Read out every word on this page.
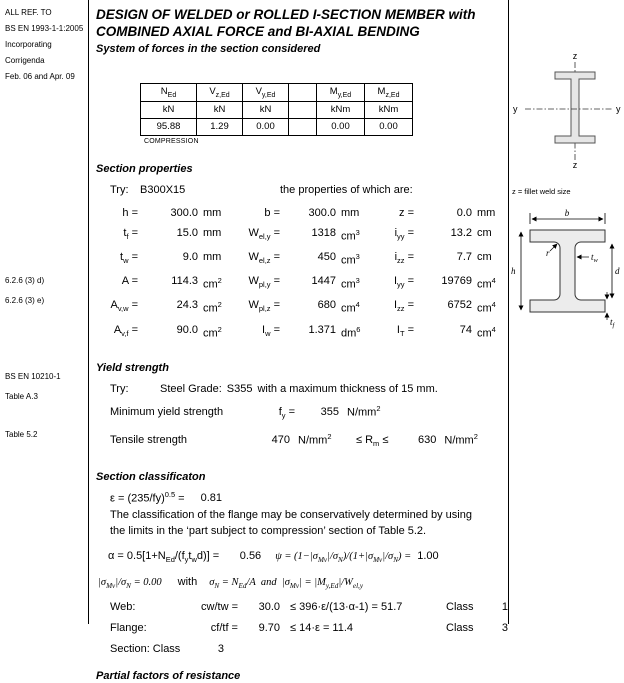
ALL REF. TO
BS EN 1993-1-1:2005
Incorporating
Corrigenda
Feb. 06 and Apr. 09
6.2.6 (3) d)
6.2.6 (3) e)
BS EN 10210-1
Table A.3
Table 5.2
DESIGN OF WELDED or ROLLED I-SECTION MEMBER with
COMBINED AXIAL FORCE and BI-AXIAL BENDING
System of forces in the section considered
$N_{Ed}$	$V_{z,Ed}$	$V_{y,Ed}$		$M_{y,Ed}$	$M_{z,Ed}$
kN	kN	kN		kNm	kNm
95.88	1.29	0.00		0.00	0.00
COMPRESSION
Section properties
Try:	B300X15	the properties of which are:
h =	300.0 mm	b =	300.0 mm	z =	0.0 mm
$t_f$ =	15.0 mm	$W_{el,y}$ =	1318 $cm^3$	$i_{yy}$ =	13.2 cm
$t_w$ =	9.0 mm	$W_{el,z}$ =	450 $cm^3$	$i_{zz}$ =	7.7 cm
A =	114.3 $cm^2$	$W_{pl,y}$ =	1447 $cm^3$	$I_{yy}$ =	19769 $cm^4$
$A_{v,w}$ =	24.3 $cm^2$	$W_{pl,z}$ =	680 $cm^4$	$I_{zz}$ =	6752 $cm^4$
$A_{v,f}$ =	90.0 $cm^2$	$I_w$ =	1.371 $dm^6$	$I_T$ =	74 $cm^4$
Yield strength
Try:	Steel Grade: S355 with a maximum thickness of 15 mm.
Minimum yield strength	$f_y$ =	355 $N/mm^2$
Tensile strength	470 $N/mm^2$	≤ $R_m$ ≤	630 $N/mm^2$
Section classificaton
$\varepsilon = (235/fy)^{0.5} = 0.81$
The classification of the flange may be conservatively determined by using
the limits in the ‘part subject to compression’ section of Table 5.2.
$\alpha = 0.5[1+N_{Ed}/(f_yt_wd)]$ =	0.56 $\psi = (1-|\sigma_{Mv}|/\sigma_N)/(1+|\sigma_{Mv}|/\sigma_N) = 1.00$
$|\sigma_{Mv}|/\sigma_N = 0.00$ with $\sigma_N = N_{Ed}/A$  and  $|\sigma_{Mv}| = |M_{y,Ed}|/W_{el,y}$
Web:	cw/tw =	30.0 ≤ 396·ε/(13·α-1) = 51.7	Class	1
Flange:	cf/tf =	9.70 ≤ 14·ε = 11.4	Class	3
Section: Class	3
Partial factors of resistance
z
y	y
z
z = fillet weld size
b
r	$t_w$
h	d
$t_f$
